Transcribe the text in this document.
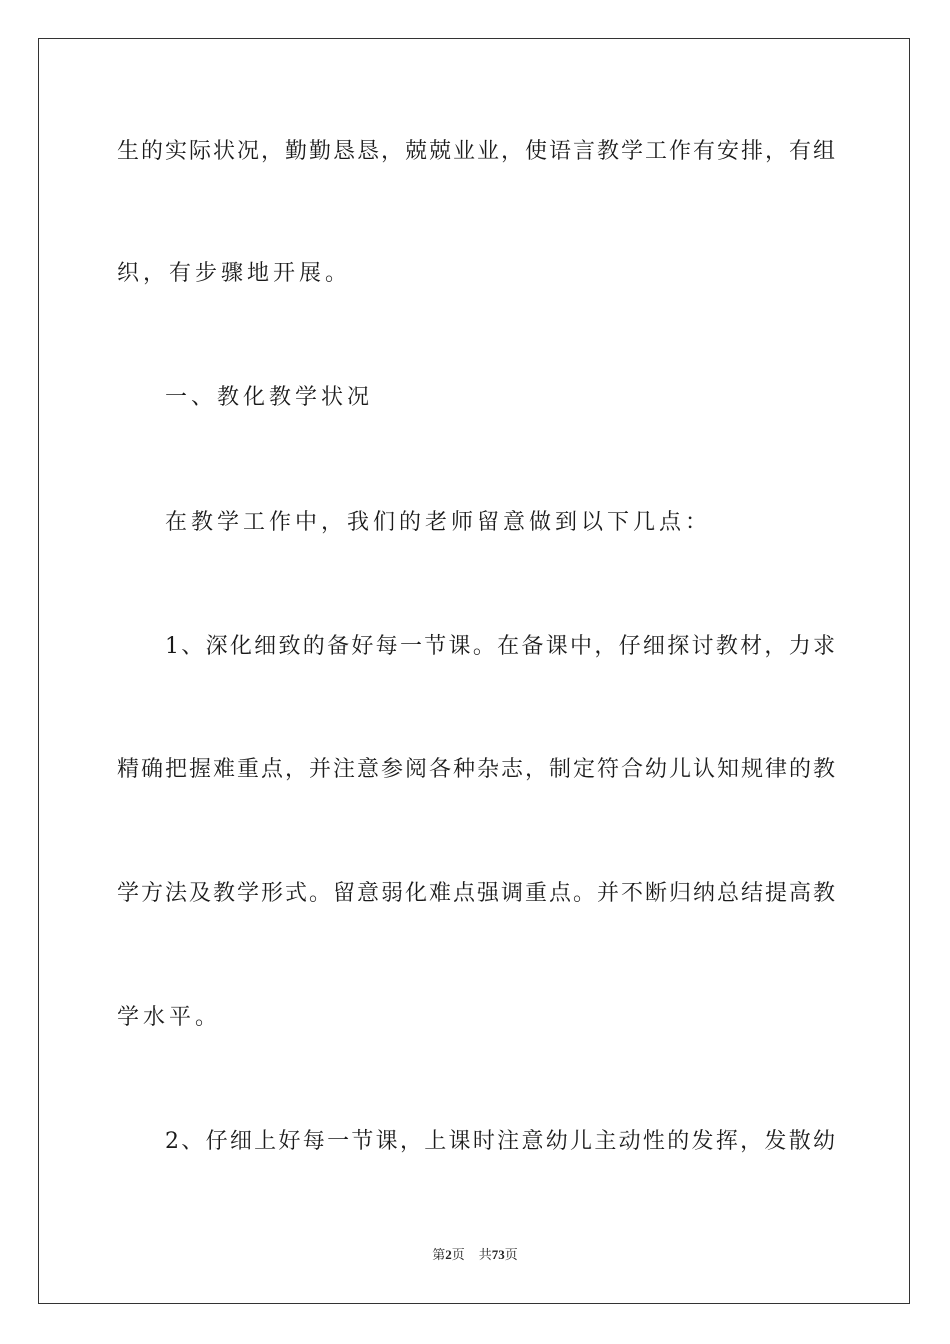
生的实际状况，勤勤恳恳，兢兢业业，使语言教学工作有安排，有组
织，有步骤地开展。
一、教化教学状况
在教学工作中，我们的老师留意做到以下几点：
1、深化细致的备好每一节课。在备课中，仔细探讨教材，力求
精确把握难重点，并注意参阅各种杂志，制定符合幼儿认知规律的教
学方法及教学形式。留意弱化难点强调重点。并不断归纳总结提高教
学水平。
2、仔细上好每一节课，上课时注意幼儿主动性的发挥，发散幼
第2页 共73页
